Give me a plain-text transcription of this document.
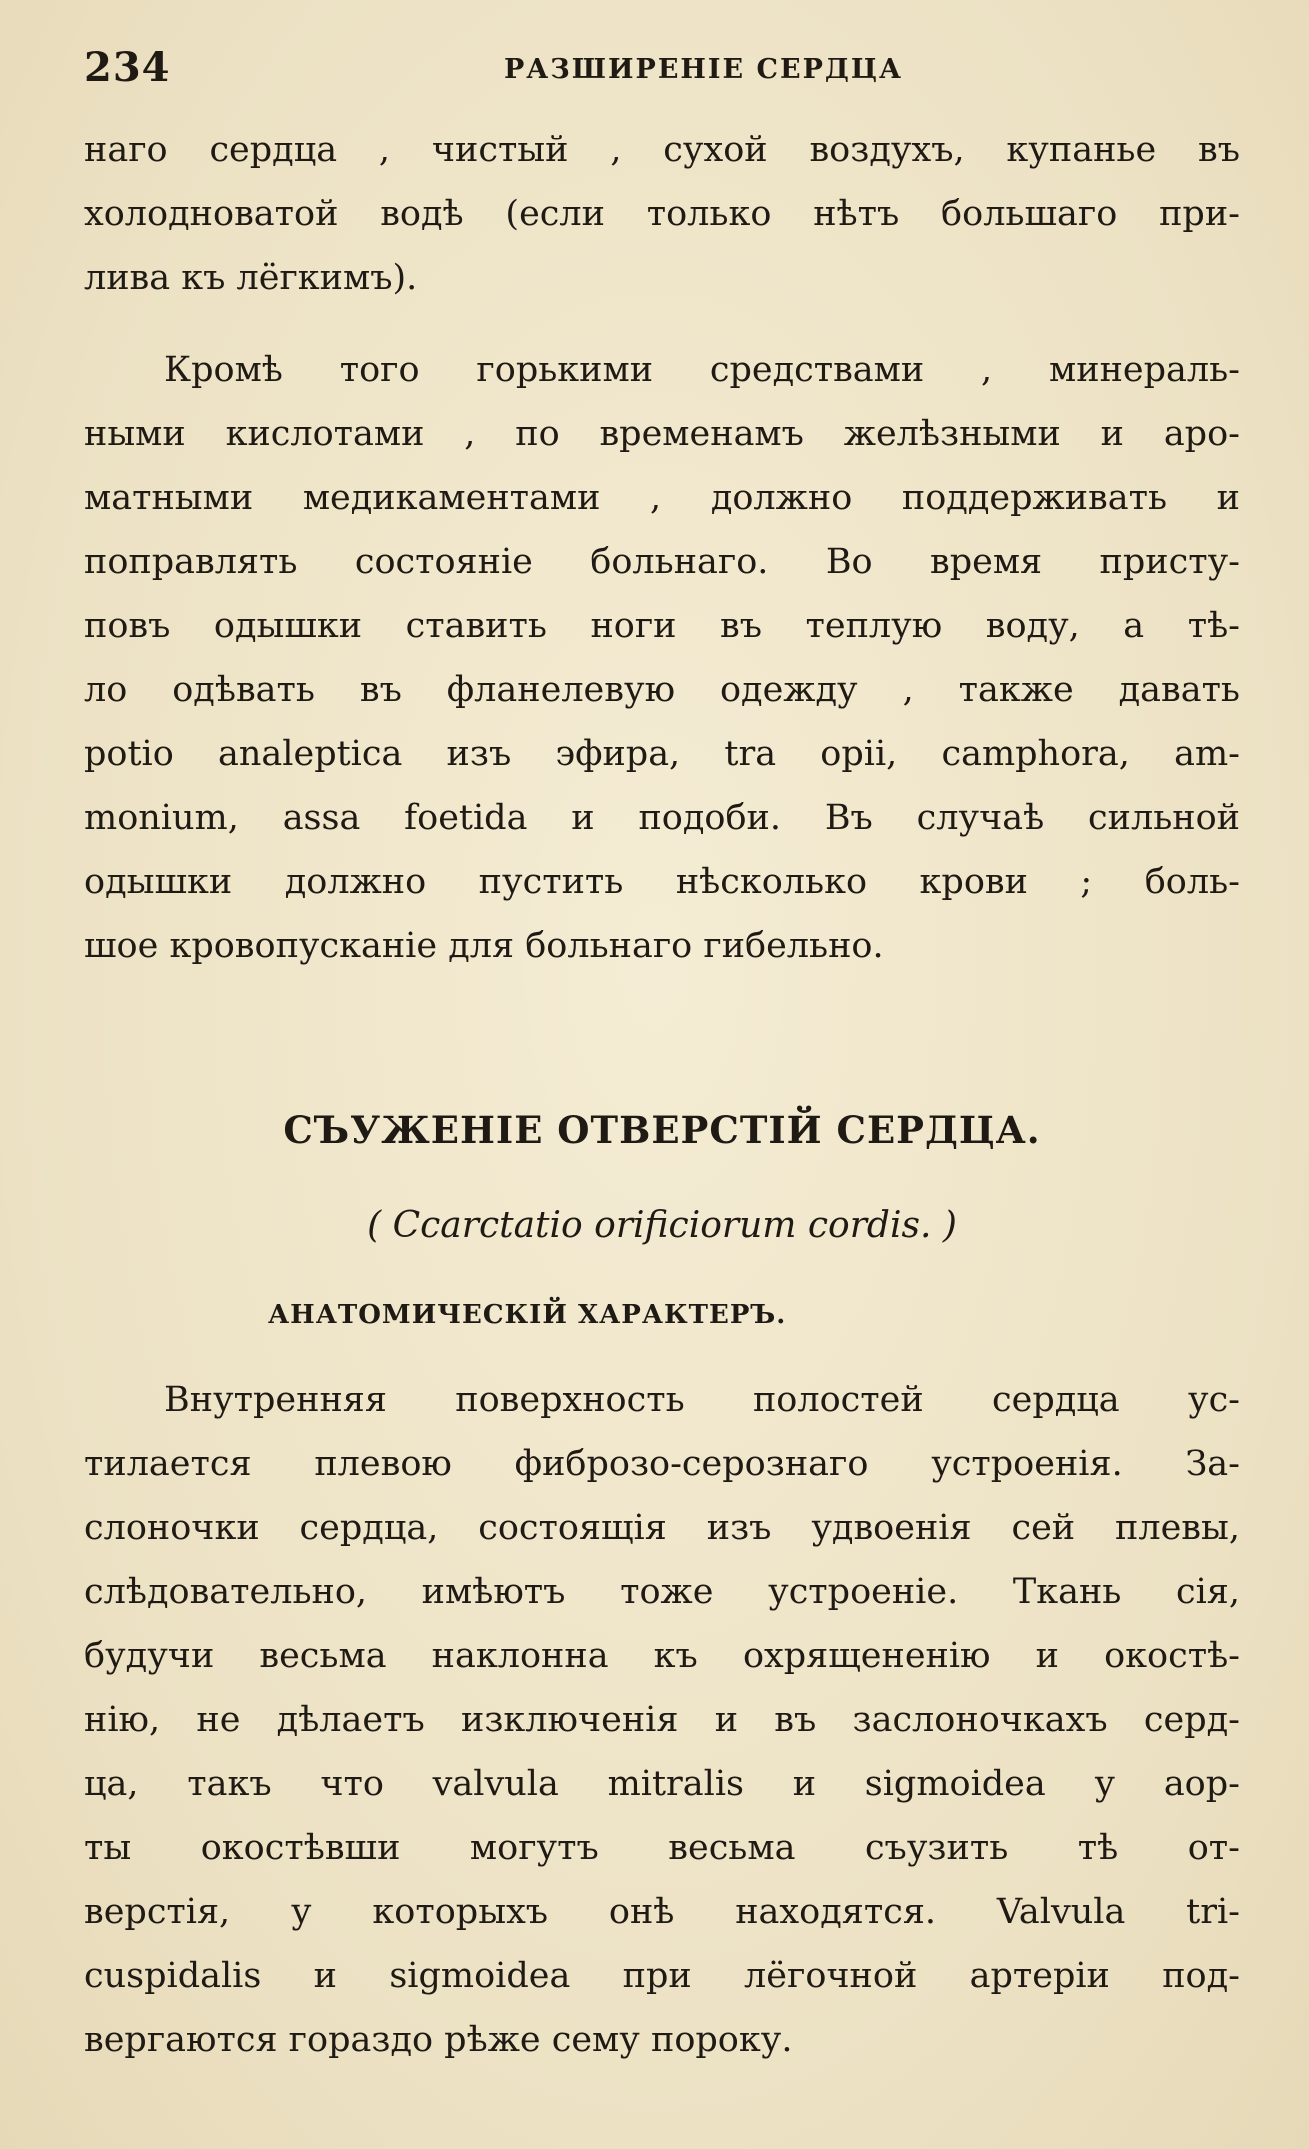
234	РАЗШИРЕНІЕ СЕРДЦА
наго сердца , чистый , сухой воздухъ, купанье въ
холодноватой водѣ (если только нѣтъ большаго при-
лива къ лёгкимъ).
Кромѣ того горькими средствами , минераль-
ными кислотами , по временамъ желѣзными и аро-
матными медикаментами , должно поддерживать и
поправлять состояніе больнаго. Во время присту-
повъ одышки ставить ноги въ теплую воду, а тѣ-
ло одѣвать въ фланелевую одежду , также давать
potio analeptica изъ эфира, tra opii, camphora, am-
monium, assa foetida и подоби. Въ случаѣ сильной
одышки должно пустить нѣсколько крови ; боль-
шое кровопусканіе для больнаго гибельно.
СЪУЖЕНІЕ ОТВЕРСТІЙ СЕРДЦА.
( Ccarctatio orificiorum cordis. )
АНАТОМИЧЕСКІЙ ХАРАКТЕРЪ.
Внутренняя поверхность полостей сердца ус-
тилается плевою фиброзо-серознаго устроенія. За-
слоночки сердца, состоящія изъ удвоенія сей плевы,
слѣдовательно, имѣютъ тоже устроеніе. Ткань сія,
будучи весьма наклонна къ охрящененію и окостѣ-
нію, не дѣлаетъ изключенія и въ заслоночкахъ серд-
ца, такъ что valvula mitralis и sigmoidea у аор-
ты окостѣвши могутъ весьма съузить тѣ от-
верстія, у которыхъ онѣ находятся. Valvula tri-
cuspidalis и sigmoidea при лёгочной артеріи под-
вергаются гораздо рѣже сему пороку.
